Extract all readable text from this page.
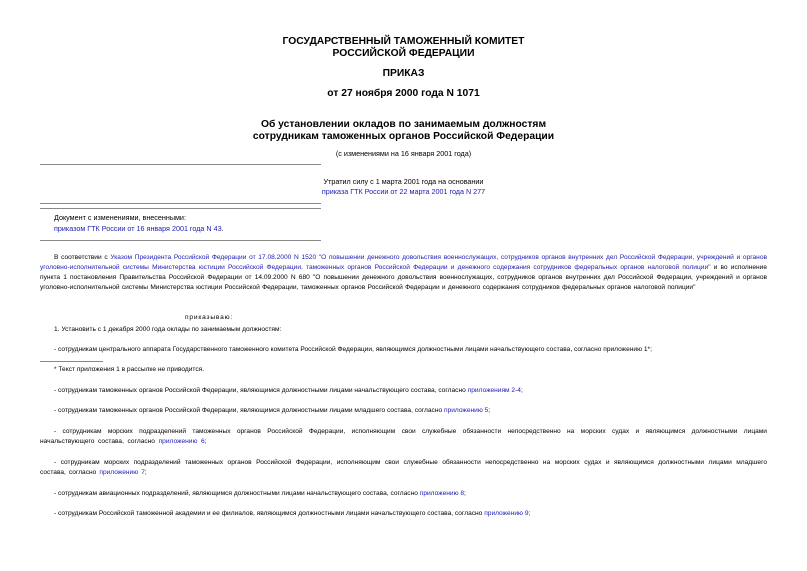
ГОСУДАРСТВЕННЫЙ ТАМОЖЕННЫЙ КОМИТЕТ
РОССИЙСКОЙ ФЕДЕРАЦИИ
ПРИКАЗ
от 27 ноября 2000 года N 1071
Об установлении окладов по занимаемым должностям
сотрудникам таможенных органов Российской Федерации
(с изменениями на 16 января 2001 года)
Утратил силу с 1 марта 2001 года на основании
приказа ГТК России от 22 марта 2001 года N 277
Документ с изменениями, внесенными:
приказом ГТК России от 16 января 2001 года N 43.
В соответствии с Указом Президента Российской Федерации от 17.08.2000 N 1520 "О повышении денежного довольствия военнослужащих, сотрудников органов внутренних дел Российской Федерации, учреждений и органов уголовно-исполнительной системы Министерства юстиции Российской Федерации, таможенных органов Российской Федерации и денежного содержания сотрудников федеральных органов налоговой полиции" и во исполнение пункта 1 постановления Правительства Российской Федерации от 14.09.2000 N 680 "О повышении денежного довольствия военнослужащих, сотрудников органов внутренних дел Российской Федерации, учреждений и органов уголовно-исполнительной системы Министерства юстиции Российской Федерации, таможенных органов Российской Федерации и денежного содержания сотрудников федеральных органов налоговой полиции"
приказываю:
1. Установить с 1 декабря 2000 года оклады по занимаемым должностям:
- сотрудникам центрального аппарата Государственного таможенного комитета Российской Федерации, являющимся должностными лицами начальствующего состава, согласно приложению 1*;
* Текст приложения 1 в рассылке не приводится.
- сотрудникам таможенных органов Российской Федерации, являющимся должностными лицами начальствующего состава, согласно приложениям 2-4;
- сотрудникам таможенных органов Российской Федерации, являющимся должностными лицами младшего состава, согласно приложению 5;
- сотрудникам морских подразделений таможенных органов Российской Федерации, исполняющим свои служебные обязанности непосредственно на морских судах и являющимся должностными лицами начальствующего состава, согласно приложению 6;
- сотрудникам морских подразделений таможенных органов Российской Федерации, исполняющим свои служебные обязанности непосредственно на морских судах и являющимся должностными лицами младшего состава, согласно приложению 7;
- сотрудникам авиационных подразделений, являющимся должностными лицами начальствующего состава, согласно приложению 8;
- сотрудникам Российской таможенной академии и ее филиалов, являющимся должностными лицами начальствующего состава, согласно приложению 9;
